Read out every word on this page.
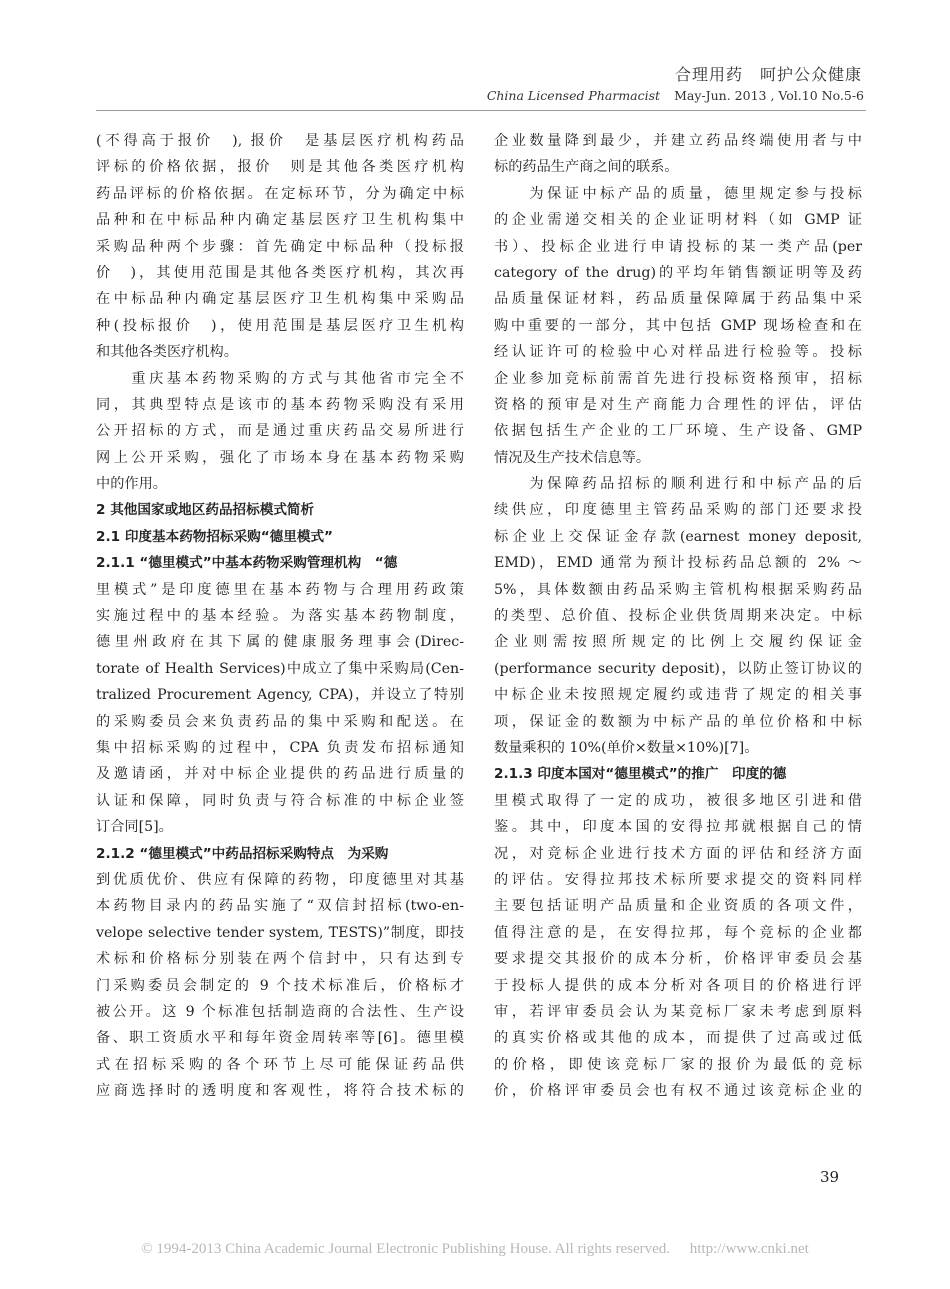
合理用药　呵护公众健康
China Licensed Pharmacist May-Jun. 2013 , Vol.10 No.5-6
(不得高于报价　), 报价　是基层医疗机构药品
评标的价格依据，报价　则是其他各类医疗机构
药品评标的价格依据。在定标环节，分为确定中标
品种和在中标品种内确定基层医疗卫生机构集中
采购品种两个步骤：首先确定中标品种（投标报
价　)，其使用范围是其他各类医疗机构，其次再
在中标品种内确定基层医疗卫生机构集中采购品
种(投标报价　)，使用范围是基层医疗卫生机构
和其他各类医疗机构。
　　重庆基本药物采购的方式与其他省市完全不
同，其典型特点是该市的基本药物采购没有采用
公开招标的方式，而是通过重庆药品交易所进行
网上公开采购，强化了市场本身在基本药物采购
中的作用。
2 其他国家或地区药品招标模式简析
2.1 印度基本药物招标采购“德里模式”
2.1.1 “德里模式”中基本药物采购管理机构　“德
里模式”是印度德里在基本药物与合理用药政策
实施过程中的基本经验。为落实基本药物制度，
德里州政府在其下属的健康服务理事会(Direc-
torate of Health Services)中成立了集中采购局(Cen-
tralized Procurement Agency, CPA)，并设立了特别
的采购委员会来负责药品的集中采购和配送。在
集中招标采购的过程中，CPA 负责发布招标通知
及邀请函，并对中标企业提供的药品进行质量的
认证和保障，同时负责与符合标准的中标企业签
订合同[5]。
2.1.2 “德里模式”中药品招标采购特点　为采购
到优质优价、供应有保障的药物，印度德里对其基
本药物目录内的药品实施了“双信封招标(two-en-
velope selective tender system, TESTS)”制度，即技
术标和价格标分别装在两个信封中，只有达到专
门采购委员会制定的 9 个技术标准后，价格标才
被公开。这 9 个标准包括制造商的合法性、生产设
备、职工资质水平和每年资金周转率等[6]。德里模
式在招标采购的各个环节上尽可能保证药品供
应商选择时的透明度和客观性，将符合技术标的
企业数量降到最少，并建立药品终端使用者与中
标的药品生产商之间的联系。
　　为保证中标产品的质量，德里规定参与投标
的企业需递交相关的企业证明材料（如 GMP 证
书）、投标企业进行申请投标的某一类产品(per
category of the drug)的平均年销售额证明等及药
品质量保证材料，药品质量保障属于药品集中采
购中重要的一部分，其中包括 GMP 现场检查和在
经认证许可的检验中心对样品进行检验等。投标
企业参加竞标前需首先进行投标资格预审，招标
资格的预审是对生产商能力合理性的评估，评估
依据包括生产企业的工厂环境、生产设备、GMP
情况及生产技术信息等。
　　为保障药品招标的顺利进行和中标产品的后
续供应，印度德里主管药品采购的部门还要求投
标企业上交保证金存款(earnest money deposit,
EMD)，EMD 通常为预计投标药品总额的 2% ～
5%，具体数额由药品采购主管机构根据采购药品
的类型、总价值、投标企业供货周期来决定。中标
企业则需按照所规定的比例上交履约保证金
(performance security deposit)，以防止签订协议的
中标企业未按照规定履约或违背了规定的相关事
项，保证金的数额为中标产品的单位价格和中标
数量乘积的 10%(单价×数量×10%)[7]。
2.1.3 印度本国对“德里模式”的推广　印度的德
里模式取得了一定的成功，被很多地区引进和借
鉴。其中，印度本国的安得拉邦就根据自己的情
况，对竞标企业进行技术方面的评估和经济方面
的评估。安得拉邦技术标所要求提交的资料同样
主要包括证明产品质量和企业资质的各项文件，
值得注意的是，在安得拉邦，每个竞标的企业都
要求提交其报价的成本分析，价格评审委员会基
于投标人提供的成本分析对各项目的价格进行评
审，若评审委员会认为某竞标厂家未考虑到原料
的真实价格或其他的成本，而提供了过高或过低
的价格，即使该竞标厂家的报价为最低的竞标
价，价格评审委员会也有权不通过该竞标企业的
39
© 1994-2013 China Academic Journal Electronic Publishing House. All rights reserved. http://www.cnki.net
